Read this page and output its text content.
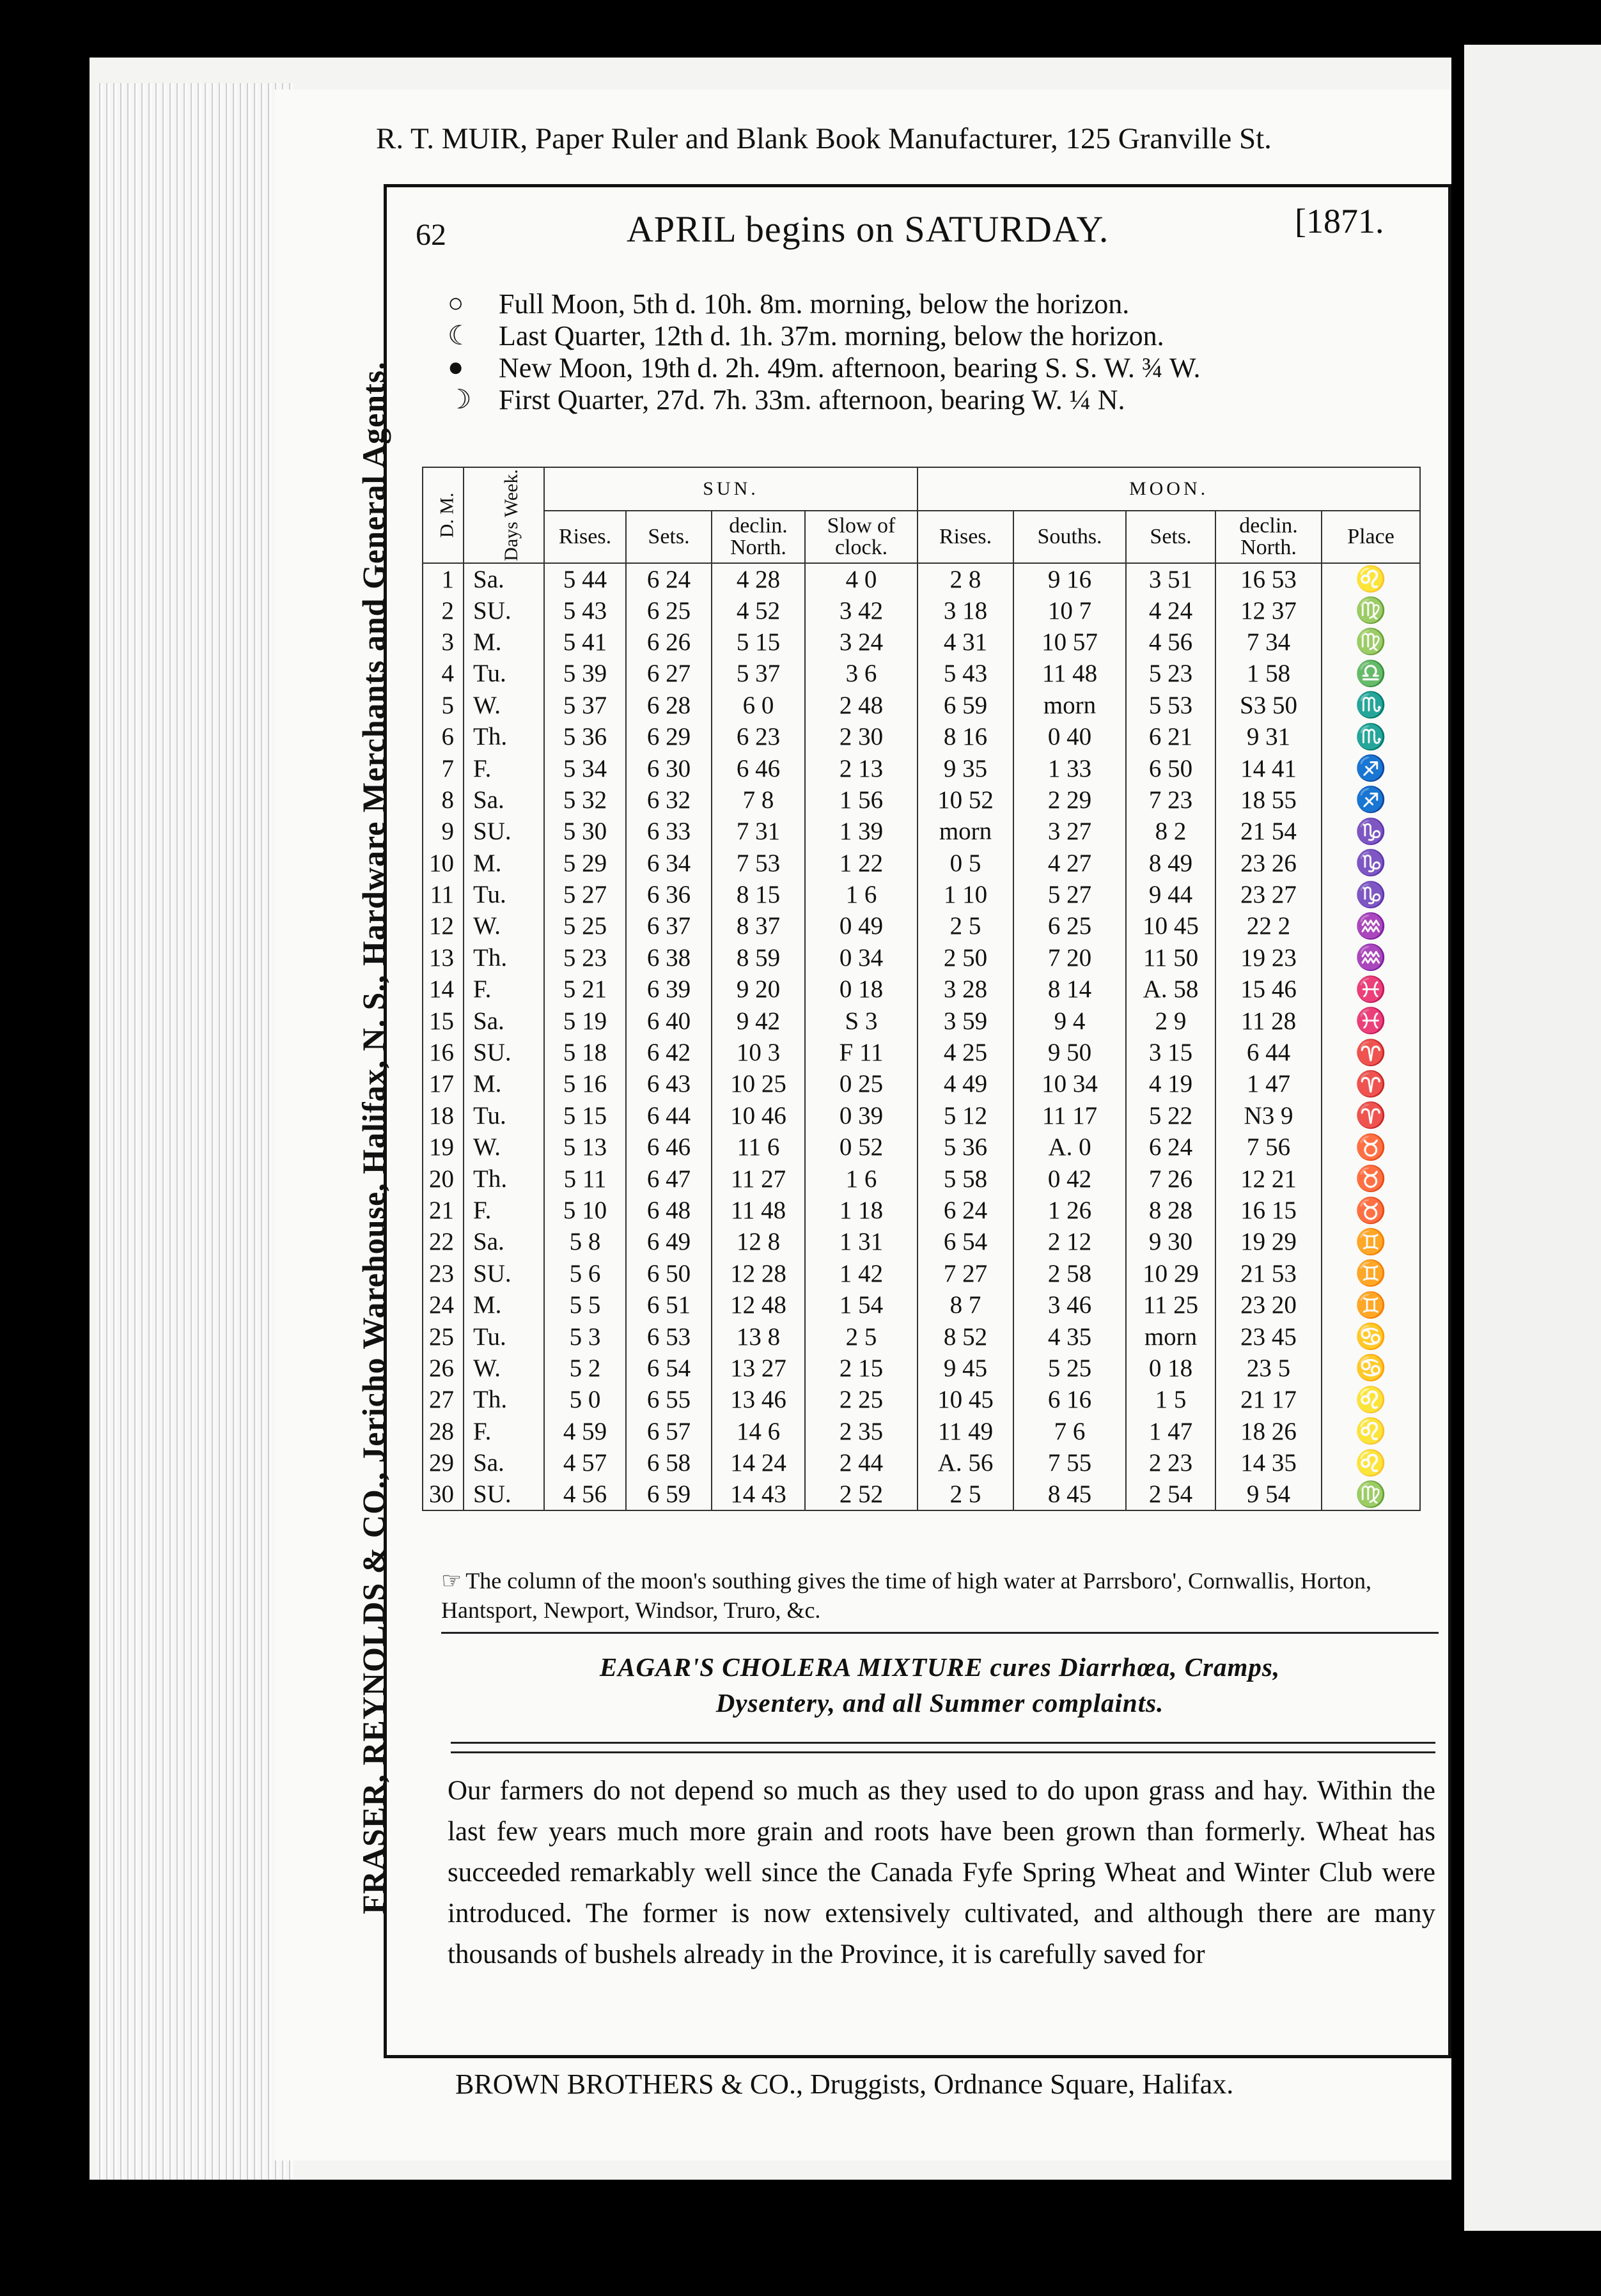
FRASER, REYNOLDS & CO., Jericho Warehouse, Halifax, N. S., Hardware Merchants and General Agents.
R. T. MUIR, Paper Ruler and Blank Book Manufacturer, 125 Granville St.
62	APRIL begins on SATURDAY.	[1871.
○	Full Moon, 5th d. 10h. 8m. morning, below the horizon.
☾ Last Quarter, 12th d. 1h. 37m. morning, below the horizon.
●	New Moon, 19th d. 2h. 49m. afternoon, bearing S. S. W. ¾ W.
☽ First Quarter, 27d. 7h. 33m. afternoon, bearing W. ¼ N.
D. M.	Days Week.	SUN.				MOON.				
		Rises.	Sets.	declin. North.	Slow of clock.	Rises.	Souths.	Sets.	declin. North.	Place
1	Sa.	5 44	6 24	4 28	4 0	2 8	9 16	3 51	16 53	♌
2	SU.	5 43	6 25	4 52	3 42	3 18	10 7	4 24	12 37	♍
3	M.	5 41	6 26	5 15	3 24	4 31	10 57	4 56	7 34	♍
4	Tu.	5 39	6 27	5 37	3 6	5 43	11 48	5 23	1 58	♎
5	W.	5 37	6 28	6 0	2 48	6 59	morn	5 53	S3 50	♏
6	Th.	5 36	6 29	6 23	2 30	8 16	0 40	6 21	9 31	♏
7	F.	5 34	6 30	6 46	2 13	9 35	1 33	6 50	14 41	♐
8	Sa.	5 32	6 32	7 8	1 56	10 52	2 29	7 23	18 55	♐
9	SU.	5 30	6 33	7 31	1 39	morn	3 27	8 2	21 54	♑
10	M.	5 29	6 34	7 53	1 22	0 5	4 27	8 49	23 26	♑
11	Tu.	5 27	6 36	8 15	1 6	1 10	5 27	9 44	23 27	♑
12	W.	5 25	6 37	8 37	0 49	2 5	6 25	10 45	22 2	♒
13	Th.	5 23	6 38	8 59	0 34	2 50	7 20	11 50	19 23	♒
14	F.	5 21	6 39	9 20	0 18	3 28	8 14	A. 58	15 46	♓
15	Sa.	5 19	6 40	9 42	S 3	3 59	9 4	2 9	11 28	♓
16	SU.	5 18	6 42	10 3	F 11	4 25	9 50	3 15	6 44	♈
17	M.	5 16	6 43	10 25	0 25	4 49	10 34	4 19	1 47	♈
18	Tu.	5 15	6 44	10 46	0 39	5 12	11 17	5 22	N3 9	♈
19	W.	5 13	6 46	11 6	0 52	5 36	A. 0	6 24	7 56	♉
20	Th.	5 11	6 47	11 27	1 6	5 58	0 42	7 26	12 21	♉
21	F.	5 10	6 48	11 48	1 18	6 24	1 26	8 28	16 15	♉
22	Sa.	5 8	6 49	12 8	1 31	6 54	2 12	9 30	19 29	♊
23	SU.	5 6	6 50	12 28	1 42	7 27	2 58	10 29	21 53	♊
24	M.	5 5	6 51	12 48	1 54	8 7	3 46	11 25	23 20	♊
25	Tu.	5 3	6 53	13 8	2 5	8 52	4 35	morn	23 45	♋
26	W.	5 2	6 54	13 27	2 15	9 45	5 25	0 18	23 5	♋
27	Th.	5 0	6 55	13 46	2 25	10 45	6 16	1 5	21 17	♌
28	F.	4 59	6 57	14 6	2 35	11 49	7 6	1 47	18 26	♌
29	Sa.	4 57	6 58	14 24	2 44	A. 56	7 55	2 23	14 35	♌
30	SU.	4 56	6 59	14 43	2 52	2 5	8 45	2 54	9 54	♍
☞ The column of the moon's southing gives the time of high water at Parrsboro', Cornwallis, Horton, Hantsport, Newport, Windsor, Truro, &c.
EAGAR'S CHOLERA MIXTURE cures Diarrhœa, Cramps,
Dysentery, and all Summer complaints.
Our farmers do not depend so much as they used to do upon grass and hay. Within the last few years much more grain and roots have been grown than formerly. Wheat has succeeded remarkably well since the Canada Fyfe Spring Wheat and Winter Club were introduced. The former is now extensively cultivated, and although there are many thousands of bushels already in the Province, it is carefully saved for
BROWN BROTHERS & CO., Druggists, Ordnance Square, Halifax.
